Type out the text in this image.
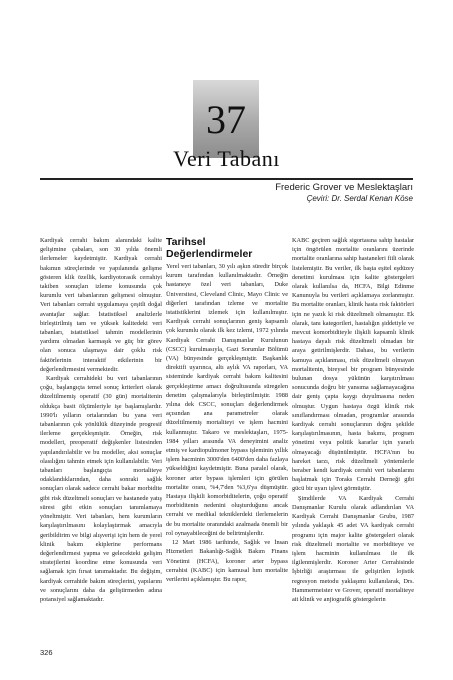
37
Veri Tabanı
Frederic Grover ve Meslektaşları
Çeviri: Dr. Serdal Kenan Köse

Kardiyak cerrahi bakım alanındaki kalite gelişimine çabaları, son 30 yılda önemli ilerlemeler kaydetmiştir. Kardiyak cerrahi bakımın süreçlerinde ve yapılanında gelişme gösteren klik özellik, kardiyotorasik cerrahiyi takiben sonuçları izleme konusunda çok kurumlu veri tabanlarının gelişmesi olmuştur. Veri tabanları cerrahi uygulamaya çeşitli doğal avantajlar sağlar. İstatistiksel analizlerle birleştirilmiş tam ve yüksek kalitedeki veri tabanları, istatistiksel tahmin modellerinin yardımı olmadan karmaşık ve güç bir görev olan sonuca ulaşmaya dair çoklu risk faktörlerinin interaktif etkilerinin bir değerlendirmesini vermektedir.

Kardiyak cerrahideki bu veri tabanlarının çoğu, başlangıçta temel sonuç kriterleri olarak düzeltilmemiş operatif (30 gün) mortalitenin oldukça basit ölçümleriyle işe başlamışlardır. 1990'lı yılların ortalarından bu yana veri tabanlarının çok yönlülük düzeyinde progresif ilerleme gerçekleşmiştir. Örneğin, risk modelleri, preoperatif değişkenler listesinden yapılandırılabilir ve bu modeller, aksi sonuçlar olasılığını tahmin etmek için kullanılabilir. Veri tabanları başlangıçta mortaliteye odaklandıklarından, daha sonraki sağlık sonuçları olarak sadece cerrahi bakar morbidite gibi risk düzeltmeli sonuçları ve hastanede yatış süresi gibi etkin sonuçları tanımlamaya yöneltmiştir. Veri tabanları, hem kurumların karşılaştırılmasını kolaylaştırmak amacıyla geribildirim ve bilgi alışverişi için hem de yerel klinik bakım ekiplerine performans değerlendirmesi yapma ve gelecekteki gelişim stratejilerini koordine etme konusunda veri sağlamak için fırsat tanımaktadır. Bu değişim, kardiyak cerrahide bakım süreçlerini, yapılarını ve sonuçlarını daha da geliştirmeden adına potansiyel sağlamaktadır.

Tarihsel Değerlendirmeler

Yerel veri tabanları, 30 yılı aşkın süredir birçok kurum tarafından kullanılmaktadır. Örneğin hastaneye özel veri tabanları, Duke Üniversitesi, Cleveland Clinic, Mayo Clinic ve diğerleri tarafından izleme ve mortalite istatistiklerini izlemek için kullanılmıştır. Kardiyak cerrahi sonuçlarının geniş kapsamlı çok kurumlu olarak ilk kez izlemi, 1972 yılında Kardiyak Cerrahi Danışmanlar Kurulunun (CSCC) kurulmasıyla, Gazi Sorumlar Bölümü (VA) bünyesinde gerçekleşmiştir. Başkanlık direktifi uyarınca, altı aylık VA raporları, VA sisteminde kardiyak cerrahi bakım kalitesini gerçekleştirme amacı doğrultusunda süregelen denetim çalışmalarıyla birleştirilmiştir. 1988 yılına dek CSCC, sonuçları değerlendirmek açısından ana parametreler olarak düzeltilmemiş mortaliteyi ve işlem hacmini kullanmıştır. Takaro ve meslektaşları, 1975-1984 yılları arasında VA deneyimini analiz etmiş ve kardiopulmoner bypass işleminin yıllık işlem hacminin 3000'den 6400'den daha fazlaya yükseldiğini kaydetmiştir. Buna paralel olarak, koroner arter bypass işlemleri için görülen mortalite oranı, %4,7'den %3,6'ya düşmüştür. Hastaya ilişkili komorbiditelerin, çoğu operatif morbiditenin nedenini oluşturduğunu ancak cerrahi ve medikal tekniklerdeki ilerlemelerin de bu mortalite oranındaki azalmada önemli bir rol oynayabileceğini de belirtmişlerdir.

12 Mart 1986 tarihinde, Sağlık ve İnsan Hizmetleri Bakanlığı-Sağlık Bakım Finans Yönetimi (HCFA), koroner arter bypass cerrahisi (KABC) için kamusal hım mortalite verilerini açıklamıştır. Bu rapor,

KABC geçiren sağlık sigortasına sahip hastalar için öngörülen mortalite oranlarını üzerinde mortalite oranlarına sahip hastaneleri fiili olarak listelemiştir. Bu veriler, ilk başta eşitel eşdüzey denetimi kurulması için kalite göstergeleri olarak kullanılsa da, HCFA, Bilgi Edinme Kanunuyla bu verileri açıklamaya zorlanmıştır. Bu mortalite oranları, klinik hasta risk faktörleri için ne yazık ki risk düzeltmeli olmamıştır. Ek olarak, tanı kategorileri, hastalığın şiddetiyle ve mevcut komorbiditeyle ilişkili kapsamlı klinik hastaya dayalı risk düzeltmeli olmadan bir araya getirilmişlerdir. Dahası, bu verilerin kamuya açıklanması, risk düzeltmeli olmayan mortalitenin, bireysel bir program bünyesinde bulunan dosya yükünün karşıtırılması sonucunda doğru bir yansıma sağlamayacağına dair geniş çapta kaygı duyulmasına neden olmuştur. Uygun hastaya özgü klinik risk sınıflandırması olmadan, programlar arasında kardiyak cerrahi sonuçlarının doğru şekilde karşılaştırılmasının, hasta bakımı, program yönetimi veya politik kararlar için yararlı olmayacağı düşünülmüştür. HCFA'nın bu hareket tarzı, risk düzeltmeli yöntemlerle beraber kendi kardiyak cerrahi veri tabanlarını başlatmak için Toraks Cerrahi Derneği gibi gücü bir uyarı işlevi görmüştür.

Şimdilerde VA Kardiyak Cerrahi Danışmanlar Kurulu olarak adlandırılan VA Kardiyak Cerrahi Danışmanlar Grubu, 1987 yılında yaklaşık 45 adet VA kardiyak cerrahi programı için major kalite göstergeleri olarak risk düzeltmeli mortalite ve morbiditeye ve işlem hacminin kullanılması ile ilk ilgilenmişlerdir. Koroner Arter Cerrahisinde İşbirliği araştırması ile gelişirilen lojistik regresyon metodu yaklaşımı kullanılarak, Drs. Hammermeister ve Grover, operatif mortaliteye ait klinik ve anjiografik göstergelerin

326
